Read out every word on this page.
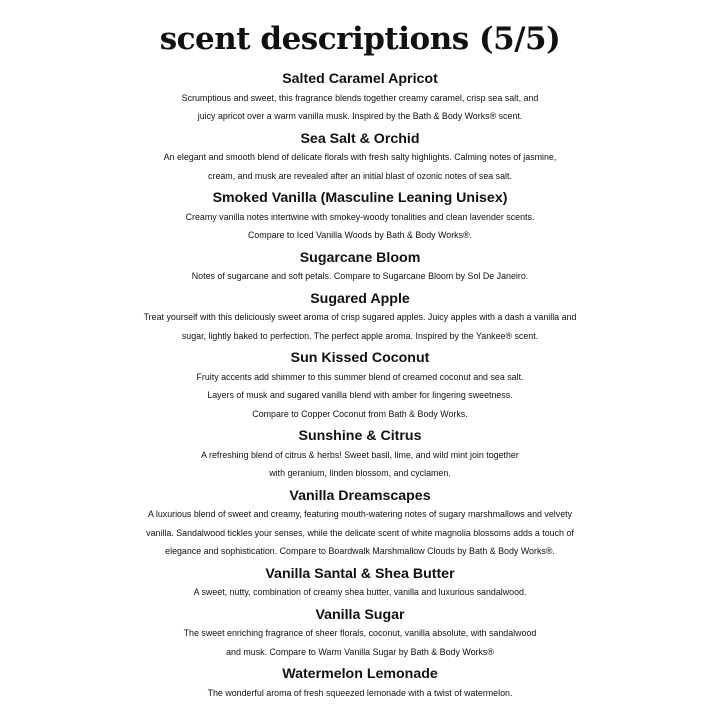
scent descriptions (5/5)
Salted Caramel Apricot
Scrumptious and sweet, this fragrance blends together creamy caramel, crisp sea salt, and
juicy apricot over a warm vanilla musk. Inspired by the Bath & Body Works® scent.
Sea Salt & Orchid
An elegant and smooth blend of delicate florals with fresh salty highlights. Calming notes of jasmine,
cream, and musk are revealed after an initial blast of ozonic notes of sea salt.
Smoked Vanilla (Masculine Leaning Unisex)
Creamy vanilla notes intertwine with smokey-woody tonalities and clean lavender scents.
Compare to Iced Vanilla Woods by Bath & Body Works®.
Sugarcane Bloom
Notes of sugarcane and soft petals. Compare to Sugarcane Bloom by Sol De Janeiro.
Sugared Apple
Treat yourself with this deliciously sweet aroma of crisp sugared apples. Juicy apples with a dash a vanilla and
sugar, lightly baked to perfection. The perfect apple aroma. Inspired by the Yankee® scent.
Sun Kissed Coconut
Fruity accents add shimmer to this summer blend of creamed coconut and sea salt.
Layers of musk and sugared vanilla blend with amber for lingering sweetness.
Compare to Copper Coconut from Bath & Body Works.
Sunshine & Citrus
A refreshing blend of citrus & herbs! Sweet basil, lime, and wild mint join together
with geranium, linden blossom, and cyclamen.
Vanilla Dreamscapes
A luxurious blend of sweet and creamy, featuring mouth-watering notes of sugary marshmallows and velvety
vanilla. Sandalwood tickles your senses, while the delicate scent of white magnolia blossoms adds a touch of
elegance and sophistication. Compare to Boardwalk Marshmallow Clouds by Bath & Body Works®.
Vanilla Santal & Shea Butter
A sweet, nutty, combination of creamy shea butter, vanilla and luxurious sandalwood.
Vanilla Sugar
The sweet enriching fragrance of sheer florals, coconut, vanilla absolute, with sandalwood
and musk. Compare to Warm Vanilla Sugar by Bath & Body Works®
Watermelon Lemonade
The wonderful aroma of fresh squeezed lemonade with a twist of watermelon.
